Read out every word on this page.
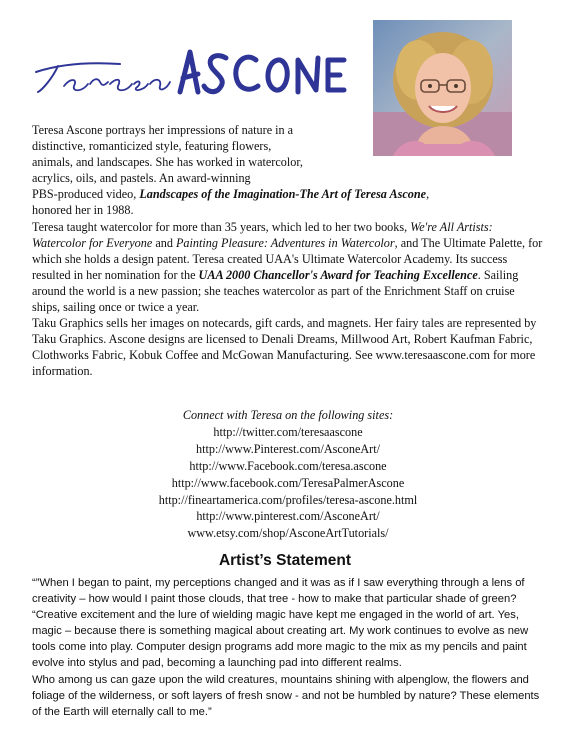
Teresa Ascone portrays her impressions of nature in a
distinctive, romanticized style, featuring flowers,
animals, and landscapes. She has worked in watercolor,
acrylics, oils, and pastels. An award-winning
PBS-produced video, Landscapes of the Imagination-The Art of Teresa Ascone,
honored her in 1988.

Teresa taught watercolor for more than 35 years, which led to her two books, We're All Artists: Watercolor for Everyone and Painting Pleasure: Adventures in Watercolor, and The Ultimate Palette, for which she holds a design patent. Teresa created UAA's Ultimate Watercolor Academy. Its success resulted in her nomination for the UAA 2000 Chancellor's Award for Teaching Excellence. Sailing around the world is a new passion; she teaches watercolor as part of the Enrichment Staff on cruise ships, sailing once or twice a year.

Taku Graphics sells her images on notecards, gift cards, and magnets. Her fairy tales are represented by Taku Graphics. Ascone designs are licensed to Denali Dreams, Millwood Art, Robert Kaufman Fabric, Clothworks Fabric, Kobuk Coffee and McGowan Manufacturing. See www.teresaascone.com for more information.

Connect with Teresa on the following sites:
http://twitter.com/teresaascone
http://www.Pinterest.com/AsconeArt/
http://www.Facebook.com/teresa.ascone
http://www.facebook.com/TeresaPalmerAscone
http://fineartamerica.com/profiles/teresa-ascone.html
http://www.pinterest.com/AsconeArt/
www.etsy.com/shop/AsconeArtTutorials/
Artist’s Statement

“”When I began to paint, my perceptions changed and it was as if I saw everything through a lens of creativity – how would I paint those clouds, that tree - how to make that particular shade of green?

“Creative excitement and the lure of wielding magic have kept me engaged in the world of art. Yes, magic – because there is something magical about creating art. My work continues to evolve as new tools come into play. Computer design programs add more magic to the mix as my pencils and paint evolve into stylus and pad, becoming a launching pad into different realms.

Who among us can gaze upon the wild creatures, mountains shining with alpenglow, the flowers and foliage of the wilderness, or soft layers of fresh snow - and not be humbled by nature? These elements of the Earth will eternally call to me.”
